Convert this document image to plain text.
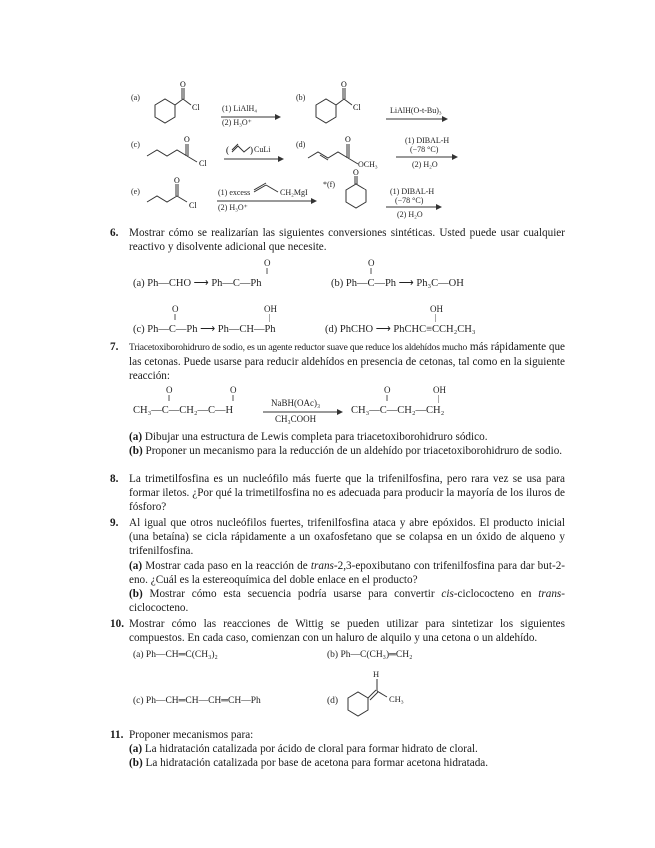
(a)
O
Cl	(1) LiAlH₄
(2) H₃O⁺
(b)
O
Cl	LiAlH(O-t-Bu)₃
(c)
O
Cl
( ) CuLi
(d)
O
OCH₃
(1) DIBAL-H
(−78 °C)
(2) H₂O
(e)
O
Cl
(1) excess	CH₂MgI
(2) H₃O⁺
*(f)
O
.	(1) DIBAL-H
(−78 °C)
(2) H₂O
6. Mostrar cómo se realizarían las siguientes conversiones sintéticas. Usted puede usar cualquier reactivo y disolvente adicional que necesite.

(a) Ph—CHO ⟶ Ph—C—Ph
O
‖
(b) Ph—C—Ph ⟶ Ph₃C—OH
O
‖
(c) Ph—C—Ph ⟶ Ph—CH—Ph
O
‖
OH
|
(d) PhCHO ⟶ PhCHC≡CCH₂CH₃
OH
|
7. Triacetoxiborohidruro de sodio, es un agente reductor suave que reduce los aldehídos mucho más rápidamente que las cetonas. Puede usarse para reducir aldehídos en presencia de cetonas, tal como en la siguiente reacción:

CH₃—C—CH₂—C—H
O
‖
O
‖	NaBH(OAc)₃
CH₃COOH
CH₃—C—CH₂—CH₂
O
‖
OH
|

(a) Dibujar una estructura de Lewis completa para triacetoxiborohidruro sódico.

(b) Proponer un mecanismo para la reducción de un aldehído por triacetoxiborohidruro de sodio.

8. La trimetilfosfina es un nucleófilo más fuerte que la trifenilfosfina, pero rara vez se usa para formar iletos. ¿Por qué la trimetilfosfina no es adecuada para producir la mayoría de los iluros de fósforo?

9. Al igual que otros nucleófilos fuertes, trifenilfosfina ataca y abre epóxidos. El producto inicial (una betaína) se cicla rápidamente a un oxafosfetano que se colapsa en un óxido de alqueno y trifenilfosfina.

(a) Mostrar cada paso en la reacción de trans-2,3-epoxibutano con trifenilfosfina para dar but-2-eno. ¿Cuál es la estereoquímica del doble enlace en el producto?

(b) Mostrar cómo esta secuencia podría usarse para convertir cis-ciclococteno en trans-ciclococteno.

10. Mostrar cómo las reacciones de Wittig se pueden utilizar para sintetizar los siguientes compuestos. En cada caso, comienzan con un haluro de alquilo y una cetona o un aldehído.

(a) Ph—CH═C(CH₃)₂	(b) Ph—C(CH₃)═CH₂
(c) Ph—CH═CH—CH═CH—Ph	(d)
H
CH₃
11. Proponer mecanismos para:

(a) La hidratación catalizada por ácido de cloral para formar hidrato de cloral.

(b) La hidratación catalizada por base de acetona para formar acetona hidratada.
